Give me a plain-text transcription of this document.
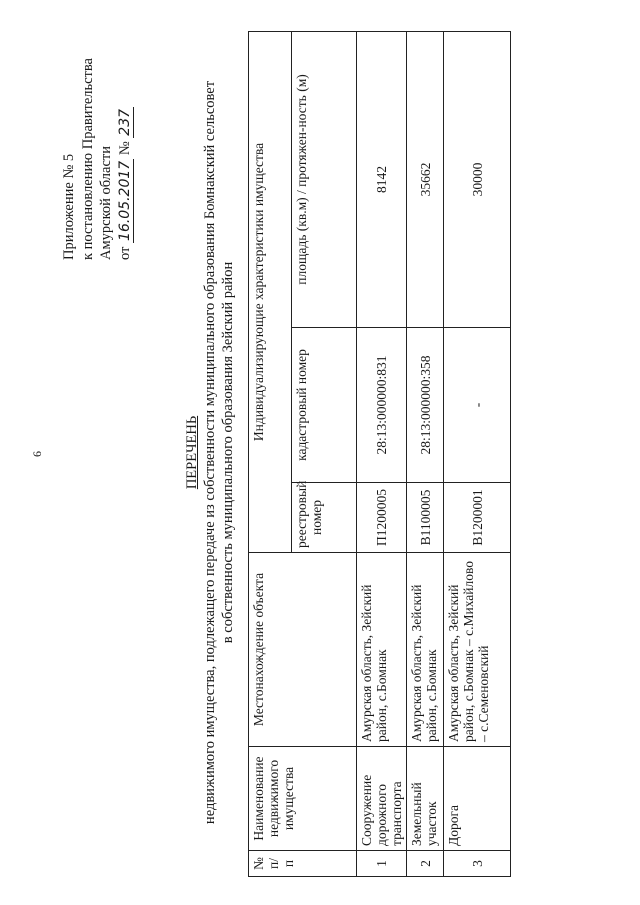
6
Приложение № 5 к постановлению Правительства Амурской области от 16.05.2017 № 237
ПЕРЕЧЕНЬ недвижимого имущества, подлежащего передаче из собственности муниципального образования Бомнакский сельсовет в собственность муниципального образования Зейский район
№ п/п	Наименование недвижимого имущества	Местонахождение объекта	Индивидуализирующие характеристики имущества		
			реестровый номер	кадастровый номер	площадь (кв.м) / протяжен-ность (м)
1	Сооружение дорожного транспорта	Амурская область, Зейский район, с.Бомнак	П1200005	28:13:000000:831	8142
2	Земельный участок	Амурская область, Зейский район, с.Бомнак	В1100005	28:13:000000:358	35662
3	Дорога	Амурская область, Зейский район, с.Бомнак – с.Михайлово – с.Семеновский	В1200001	-	30000
